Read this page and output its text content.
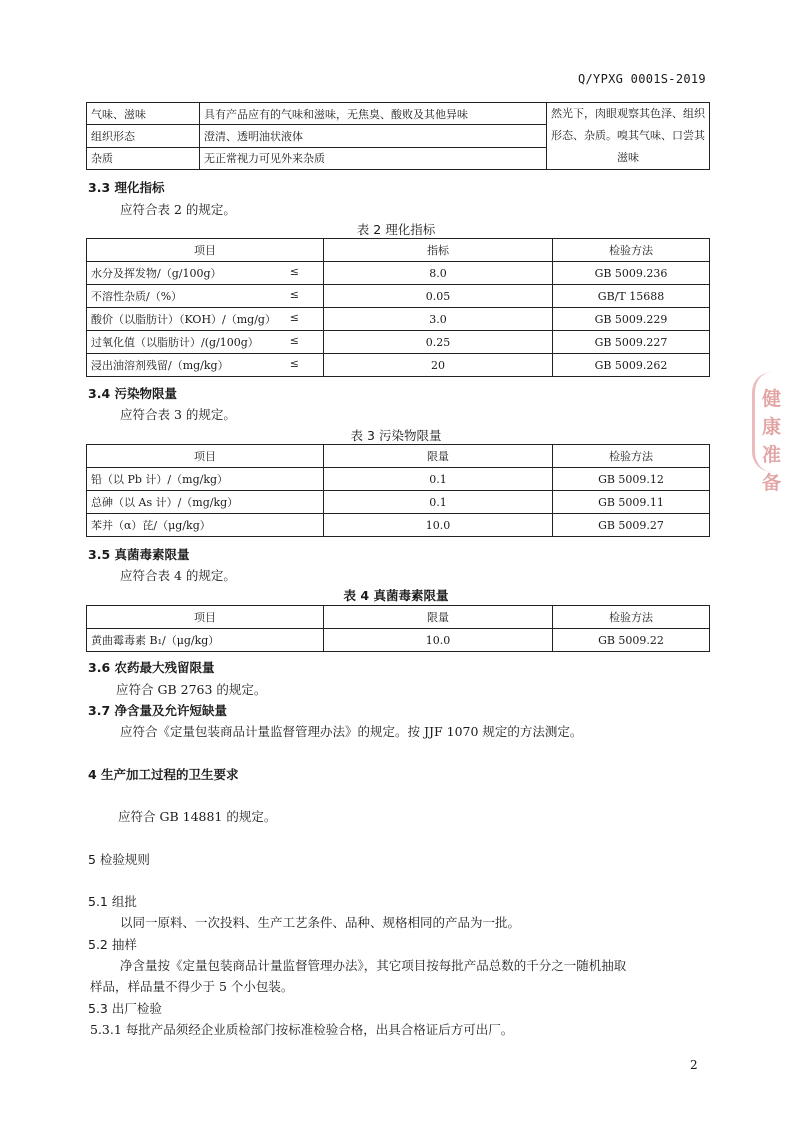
Q/YPXG 0001S-2019
气味、滋味	具有产品应有的气味和滋味，无焦臭、酸败及其他异味	然光下，肉眼观察其色泽、组织
形态、杂质。嗅其气味、口尝其
滋味

组织形态	澄清、透明油状液体	
杂质	无正常视力可见外来杂质	
3.3 理化指标
应符合表 2 的规定。
表 2 理化指标
项目	指标	检验方法
水分及挥发物/（g/100g） ≤	8.0	GB 5009.236
不溶性杂质/（%） ≤	0.05	GB/T 15688
酸价（以脂肪计）（KOH）/（mg/g） ≤	3.0	GB 5009.229
过氧化值（以脂肪计）/(g/100g） ≤	0.25	GB 5009.227
浸出油溶剂残留/（mg/kg） ≤	20	GB 5009.262
3.4 污染物限量
应符合表 3 的规定。
表 3 污染物限量
项目	限量	检验方法
铅（以 Pb 计）/（mg/kg）	0.1	GB 5009.12
总砷（以 As 计）/（mg/kg）	0.1	GB 5009.11
苯并（α）芘/（μg/kg）	10.0	GB 5009.27
3.5 真菌毒素限量
应符合表 4 的规定。
表 4 真菌毒素限量
项目	限量	检验方法
黄曲霉毒素 B₁/（μg/kg）	10.0	GB 5009.22
3.6 农药最大残留限量
应符合 GB 2763 的规定。
3.7 净含量及允许短缺量
应符合《定量包装商品计量监督管理办法》的规定。按 JJF 1070 规定的方法测定。
4 生产加工过程的卫生要求
应符合 GB 14881 的规定。
5 检验规则
5.1 组批
以同一原料、一次投料、生产工艺条件、品种、规格相同的产品为一批。
5.2 抽样
净含量按《定量包装商品计量监督管理办法》，其它项目按每批产品总数的千分之一随机抽取
样品，样品量不得少于 5 个小包装。
5.3 出厂检验
5.3.1 每批产品须经企业质检部门按标准检验合格，出具合格证后方可出厂。
健康
准备
2
